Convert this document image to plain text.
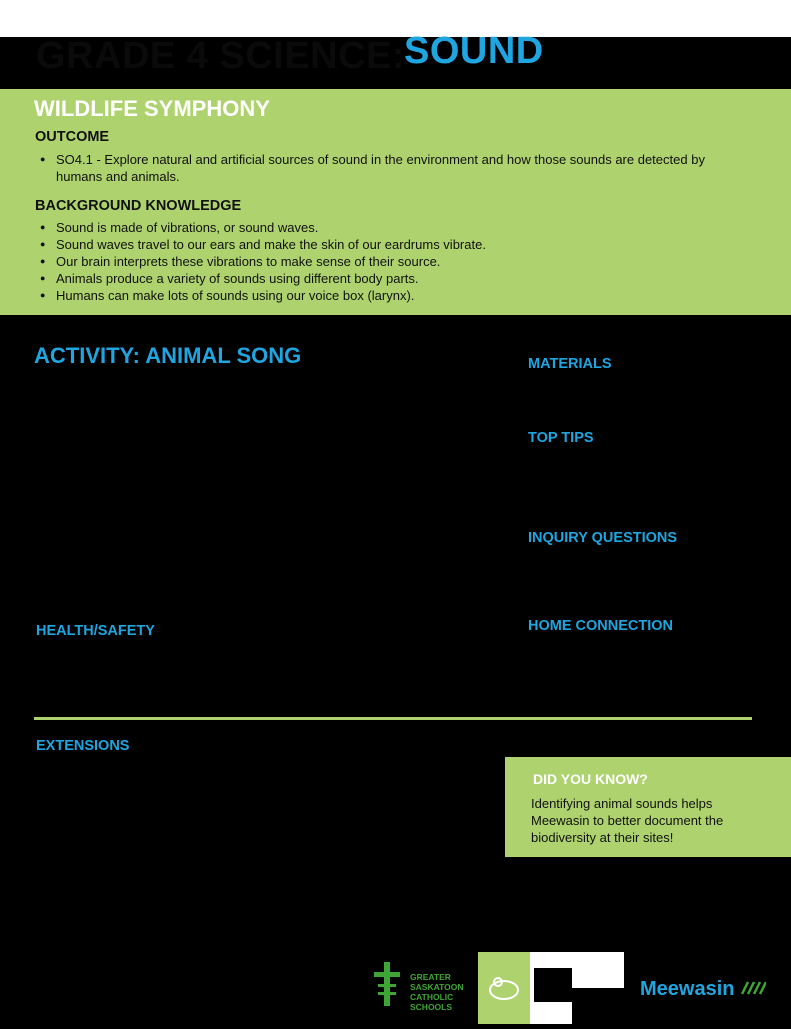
GRADE 4 SCIENCE:
SOUND
WILDLIFE SYMPHONY
OUTCOME
● SO4.1 - Explore natural and artificial sources of sound in the environment and how those sounds are detected by humans and animals.
BACKGROUND KNOWLEDGE
● Sound is made of vibrations, or sound waves.
● Sound waves travel to our ears and make the skin of our eardrums vibrate.
● Our brain interprets these vibrations to make sense of their source.
● Animals produce a variety of sounds using different body parts.
● Humans can make lots of sounds using our voice box (larynx).
ACTIVITY: ANIMAL SONG
HEALTH/SAFETY
EXTENSIONS
MATERIALS
TOP TIPS
INQUIRY QUESTIONS
HOME CONNECTION
DID YOU KNOW?
Identifying animal sounds helps Meewasin to better document the biodiversity at their sites!
GREATER
SASKATOON
CATHOLIC
SCHOOLS
Meewasin
